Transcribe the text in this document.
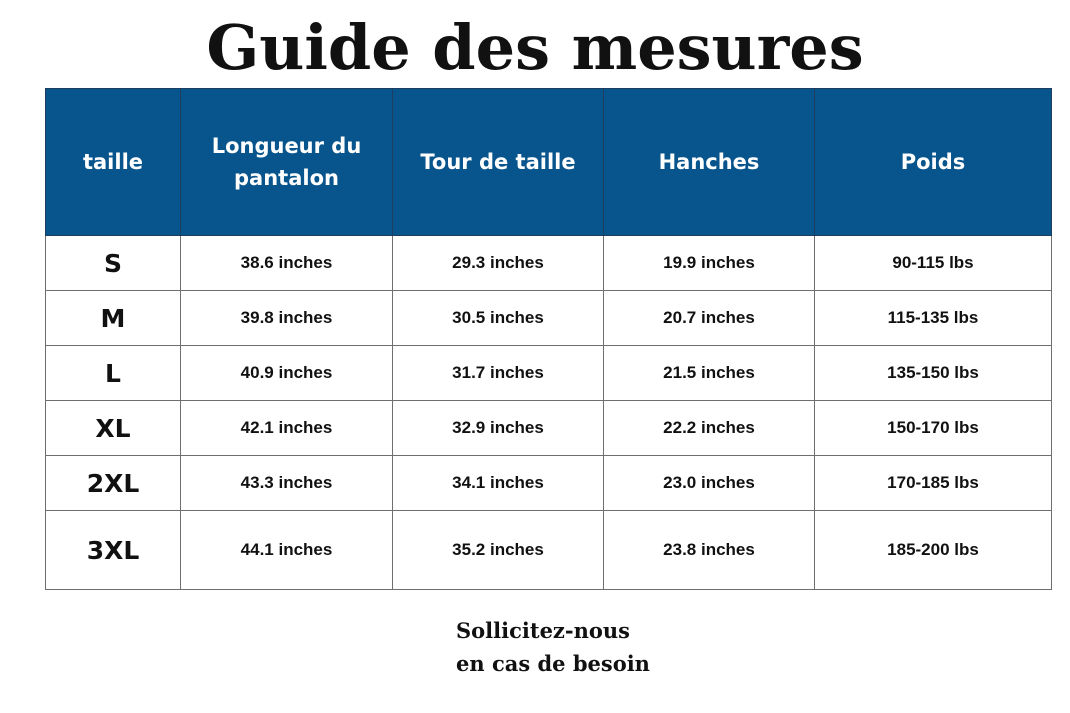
Guide des mesures
taille	Longueur du pantalon	Tour de taille	Hanches	Poids
S	38.6 inches	29.3 inches	19.9 inches	90-115 lbs
M	39.8 inches	30.5 inches	20.7 inches	115-135 lbs
L	40.9 inches	31.7 inches	21.5 inches	135-150 lbs
XL	42.1 inches	32.9 inches	22.2 inches	150-170 lbs
2XL	43.3 inches	34.1 inches	23.0 inches	170-185 lbs
3XL	44.1 inches	35.2 inches	23.8 inches	185-200 lbs
Sollicitez-nous
en cas de besoin
